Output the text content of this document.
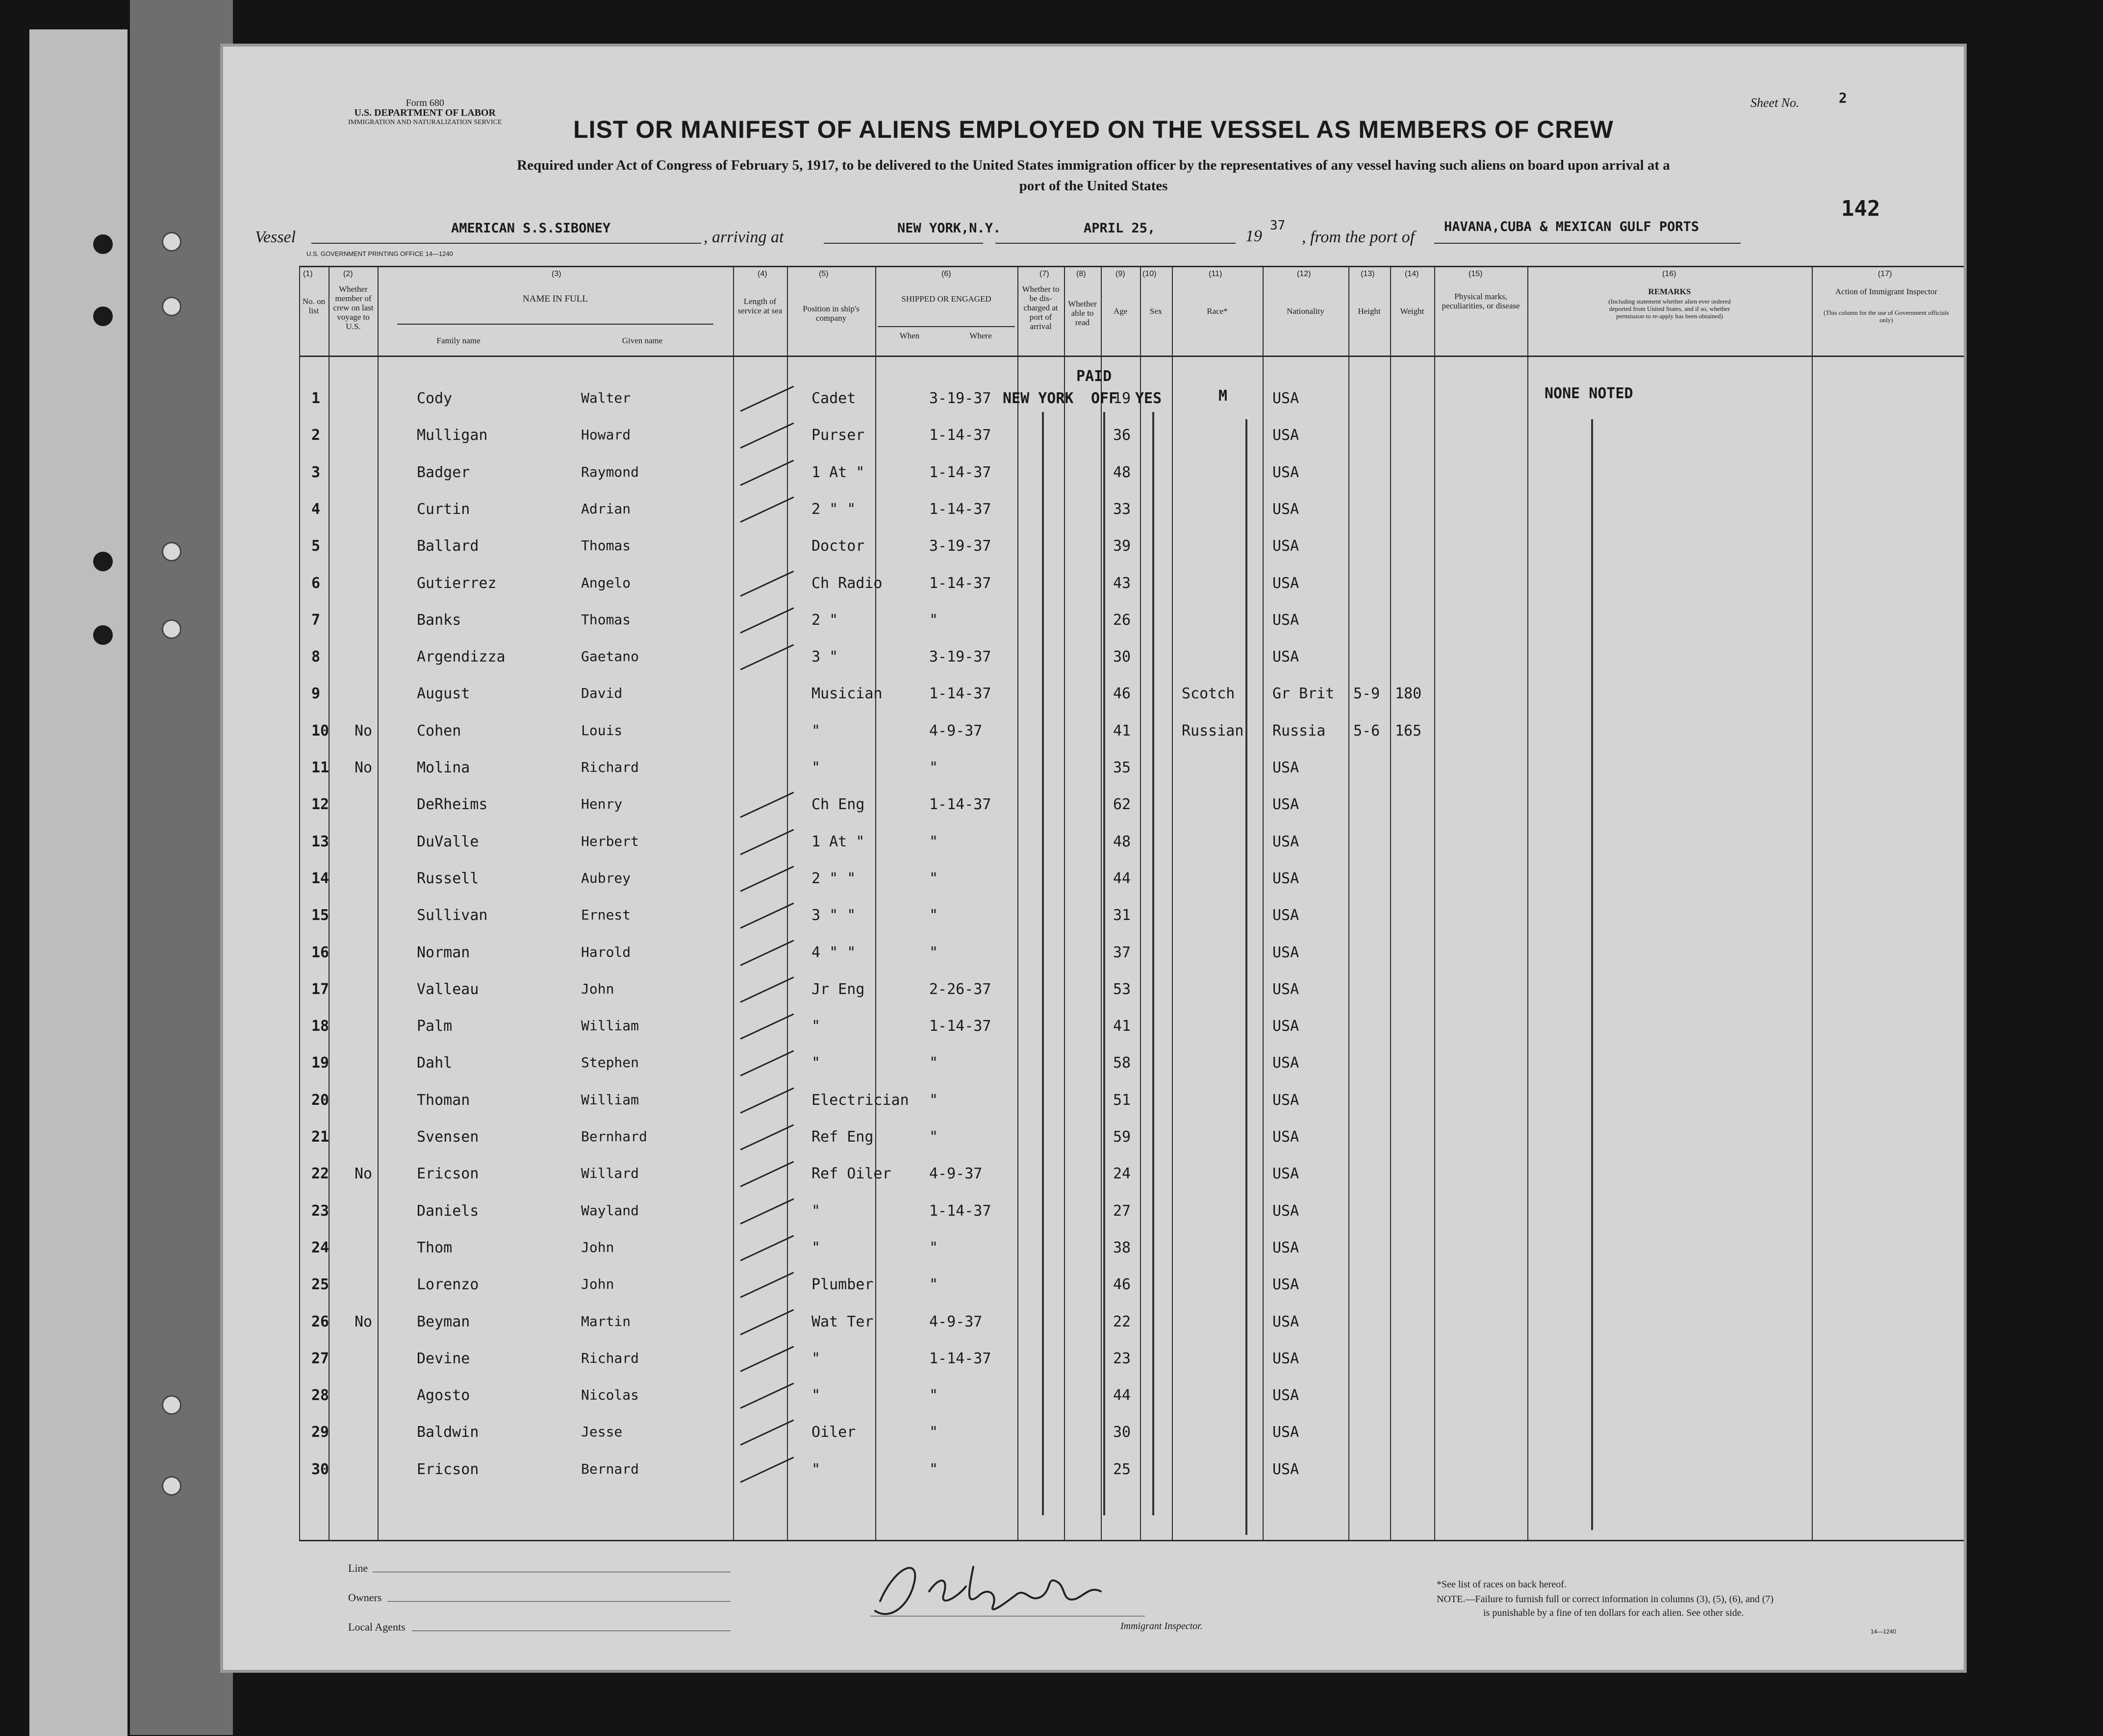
Form 680
U.S. DEPARTMENT OF LABOR
IMMIGRATION AND NATURALIZATION SERVICE
Sheet No.	2
LIST OR MANIFEST OF ALIENS EMPLOYED ON THE VESSEL AS MEMBERS OF CREW
Required under Act of Congress of February 5, 1917, to be delivered to the United States immigration officer by the representatives of any vessel having such aliens on board upon arrival at a
port of the United States
142
Vessel	AMERICAN S.S.SIBONEY	, arriving at	NEW YORK,N.Y.	APRIL 25,	19
37
, from the port of
HAVANA,CUBA & MEXICAN GULF PORTS
U.S. GOVERNMENT PRINTING OFFICE 14—1240
(1)	(2)	(3)	(4)	(5)	(6)	(7)	(8)	(9) (10)	(11)	(12)	(13)	(14)	(15)	(16)	(17)
No. on list
Whether member of crew on last voyage to U.S.
NAME IN FULL
Family name	Given name
Length of service at sea	Position in ship's company
SHIPPED OR ENGAGED
When	Where
Whether to be dis-charged at port of arrival
Whether able to read
Age	Sex	Race*	Nationality	Height	Weight
Physical marks, peculiarities, or disease
REMARKS
(Including statement whether alien ever ordered deported from United States, and if so, whether permission to re-apply has been obtained)
Action of Immigrant Inspector
(This column for the use of Government officials only)
PAID
NEW YORK OFF YES	M	NONE NOTED
1	Cody	Walter	Cadet	3-19-37	19	USA
2	Mulligan	Howard	Purser	1-14-37	36	USA
3	Badger	Raymond	1 At "	1-14-37	48	USA
4	Curtin	Adrian	2 " "	1-14-37	33	USA
5	Ballard	Thomas	Doctor	3-19-37	39	USA
6	Gutierrez	Angelo	Ch Radio	1-14-37	43	USA
7	Banks	Thomas	2 "	"	26	USA
8	Argendizza	Gaetano	3 "	3-19-37	30	USA
9	August	David	Musician	1-14-37	46	Scotch	Gr Brit 5-9 180
10 No	Cohen	Louis	"	4-9-37	41	Russian Russia 5-6 165
11 No	Molina	Richard	"	"	35	USA
12	DeRheims	Henry	Ch Eng	1-14-37	62	USA
13	DuValle	Herbert	1 At "	"	48	USA
14	Russell	Aubrey	2 " "	"	44	USA
15	Sullivan	Ernest	3 " "	"	31	USA
16	Norman	Harold	4 " "	"	37	USA
17	Valleau	John	Jr Eng	2-26-37	53	USA
18	Palm	William	"	1-14-37	41	USA
19	Dahl	Stephen	"	"	58	USA
20	Thoman	William	Electrician "	51	USA
21	Svensen	Bernhard	Ref Eng	"	59	USA
22 No	Ericson	Willard	Ref Oiler	4-9-37	24	USA
23	Daniels	Wayland	"	1-14-37	27	USA
24	Thom	John	"	"	38	USA
25	Lorenzo	John	Plumber	"	46	USA
26 No	Beyman	Martin	Wat Ter	4-9-37	22	USA
27	Devine	Richard	"	1-14-37	23	USA
28	Agosto	Nicolas	"	"	44	USA
29	Baldwin	Jesse	Oiler	"	30	USA
30	Ericson	Bernard	"	"	25	USA
Line
Owners
Local Agents	Immigrant Inspector.
*See list of races on back hereof.
NOTE.—Failure to furnish full or correct information in columns (3), (5), (6), and (7)
is punishable by a fine of ten dollars for each alien. See other side.
14—1240
